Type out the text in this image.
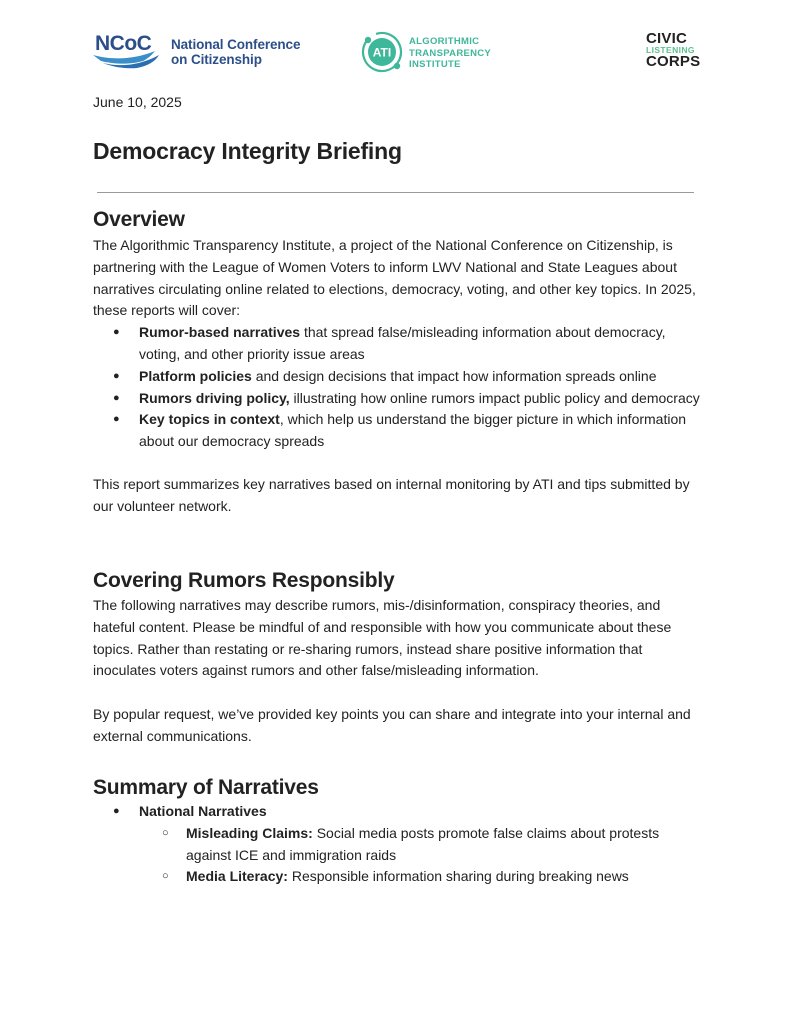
NCoC National Conference
on Citizenship	ATI
ALGORITHMIC
TRANSPARENCY
INSTITUTE
CIVIC
LISTENING
CORPS
June 10, 2025
Democracy Integrity Briefing
Overview

The Algorithmic Transparency Institute, a project of the National Conference on Citizenship, is partnering with the League of Women Voters to inform LWV National and State Leagues about narratives circulating online related to elections, democracy, voting, and other key topics. In 2025, these reports will cover:

● Rumor-based narratives that spread false/misleading information about democracy, voting, and other priority issue areas
● Platform policies and design decisions that impact how information spreads online
● Rumors driving policy, illustrating how online rumors impact public policy and democracy
● Key topics in context, which help us understand the bigger picture in which information about our democracy spreads

This report summarizes key narratives based on internal monitoring by ATI and tips submitted by our volunteer network.

Covering Rumors Responsibly

The following narratives may describe rumors, mis-/disinformation, conspiracy theories, and hateful content. Please be mindful of and responsible with how you communicate about these topics. Rather than restating or re-sharing rumors, instead share positive information that inoculates voters against rumors and other false/misleading information.

By popular request, we’ve provided key points you can share and integrate into your internal and external communications.

Summary of Narratives
● National Narratives
○ Misleading Claims: Social media posts promote false claims about protests against ICE and immigration raids
○ Media Literacy: Responsible information sharing during breaking news
